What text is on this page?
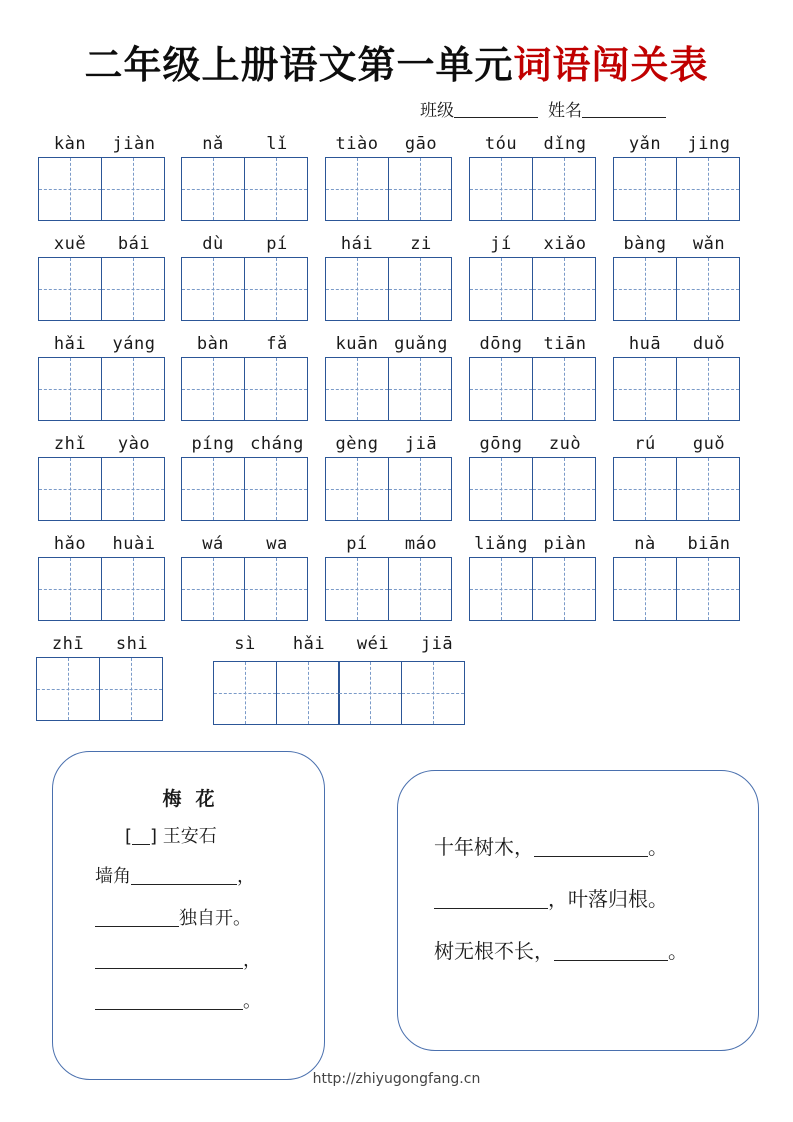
二年级上册语文第一单元词语闯关表
班级	姓名
kàn	jiàn	nǎ	lǐ	tiào	gāo	tóu	dǐng	yǎn	jing
xuě	bái	dù	pí	hái	zi	jí	xiǎo	bàng	wǎn
hǎi	yáng	bàn	fǎ	kuān guǎng	dōng	tiān	huā	duǒ
zhǐ	yào	píng cháng	gèng	jiā	gōng	zuò	rú	guǒ
hǎo	huài	wá	wa	pí	máo	liǎng piàn	nà	biān
zhī	shi	sì	hǎi	wéi	jiā
梅花
[ ] 王安石
墙角	，
独自开。
，
。
十年树木，	。
，叶落归根。
树无根不长，	。
http://zhiyugongfang.cn
